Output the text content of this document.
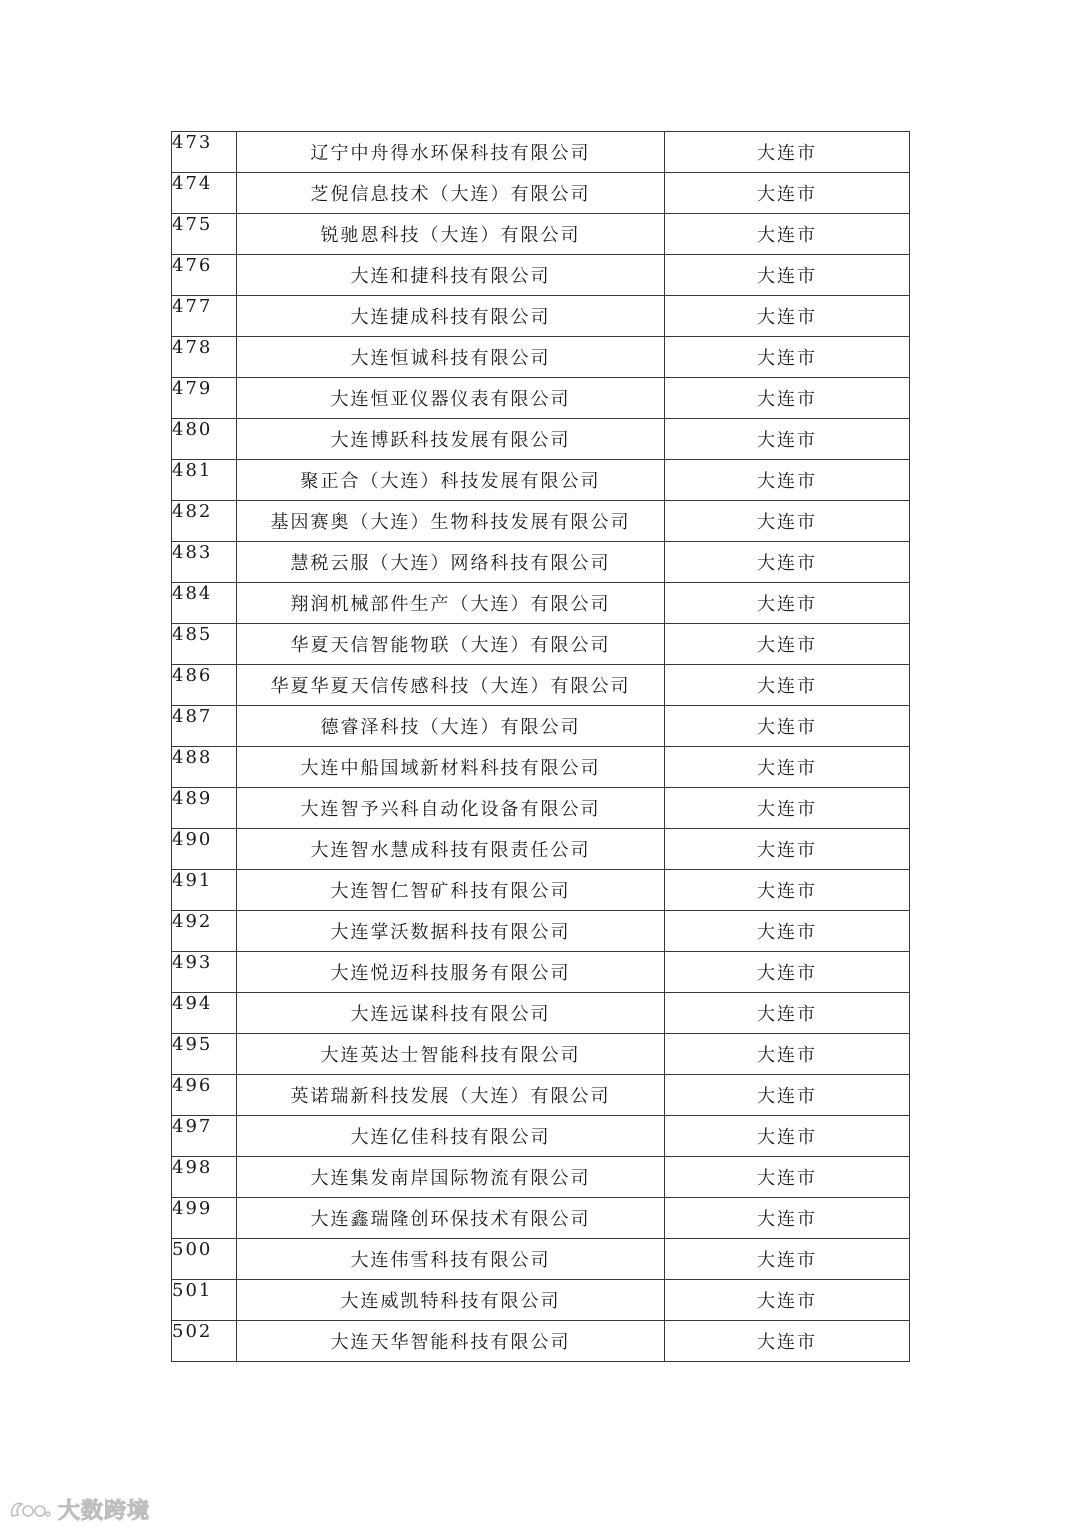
473	辽宁中舟得水环保科技有限公司	大连市
474	芝倪信息技术（大连）有限公司	大连市
475	锐驰恩科技（大连）有限公司	大连市
476	大连和捷科技有限公司	大连市
477	大连捷成科技有限公司	大连市
478	大连恒诚科技有限公司	大连市
479	大连恒亚仪器仪表有限公司	大连市
480	大连博跃科技发展有限公司	大连市
481	聚正合（大连）科技发展有限公司	大连市
482	基因赛奥（大连）生物科技发展有限公司	大连市
483	慧税云服（大连）网络科技有限公司	大连市
484	翔润机械部件生产（大连）有限公司	大连市
485	华夏天信智能物联（大连）有限公司	大连市
486	华夏华夏天信传感科技（大连）有限公司	大连市
487	德睿泽科技（大连）有限公司	大连市
488	大连中船国域新材料科技有限公司	大连市
489	大连智予兴科自动化设备有限公司	大连市
490	大连智水慧成科技有限责任公司	大连市
491	大连智仁智矿科技有限公司	大连市
492	大连掌沃数据科技有限公司	大连市
493	大连悦迈科技服务有限公司	大连市
494	大连远谋科技有限公司	大连市
495	大连英达士智能科技有限公司	大连市
496	英诺瑞新科技发展（大连）有限公司	大连市
497	大连亿佳科技有限公司	大连市
498	大连集发南岸国际物流有限公司	大连市
499	大连鑫瑞隆创环保技术有限公司	大连市
500	大连伟雪科技有限公司	大连市
501	大连威凯特科技有限公司	大连市
502	大连天华智能科技有限公司	大连市
大数跨境
